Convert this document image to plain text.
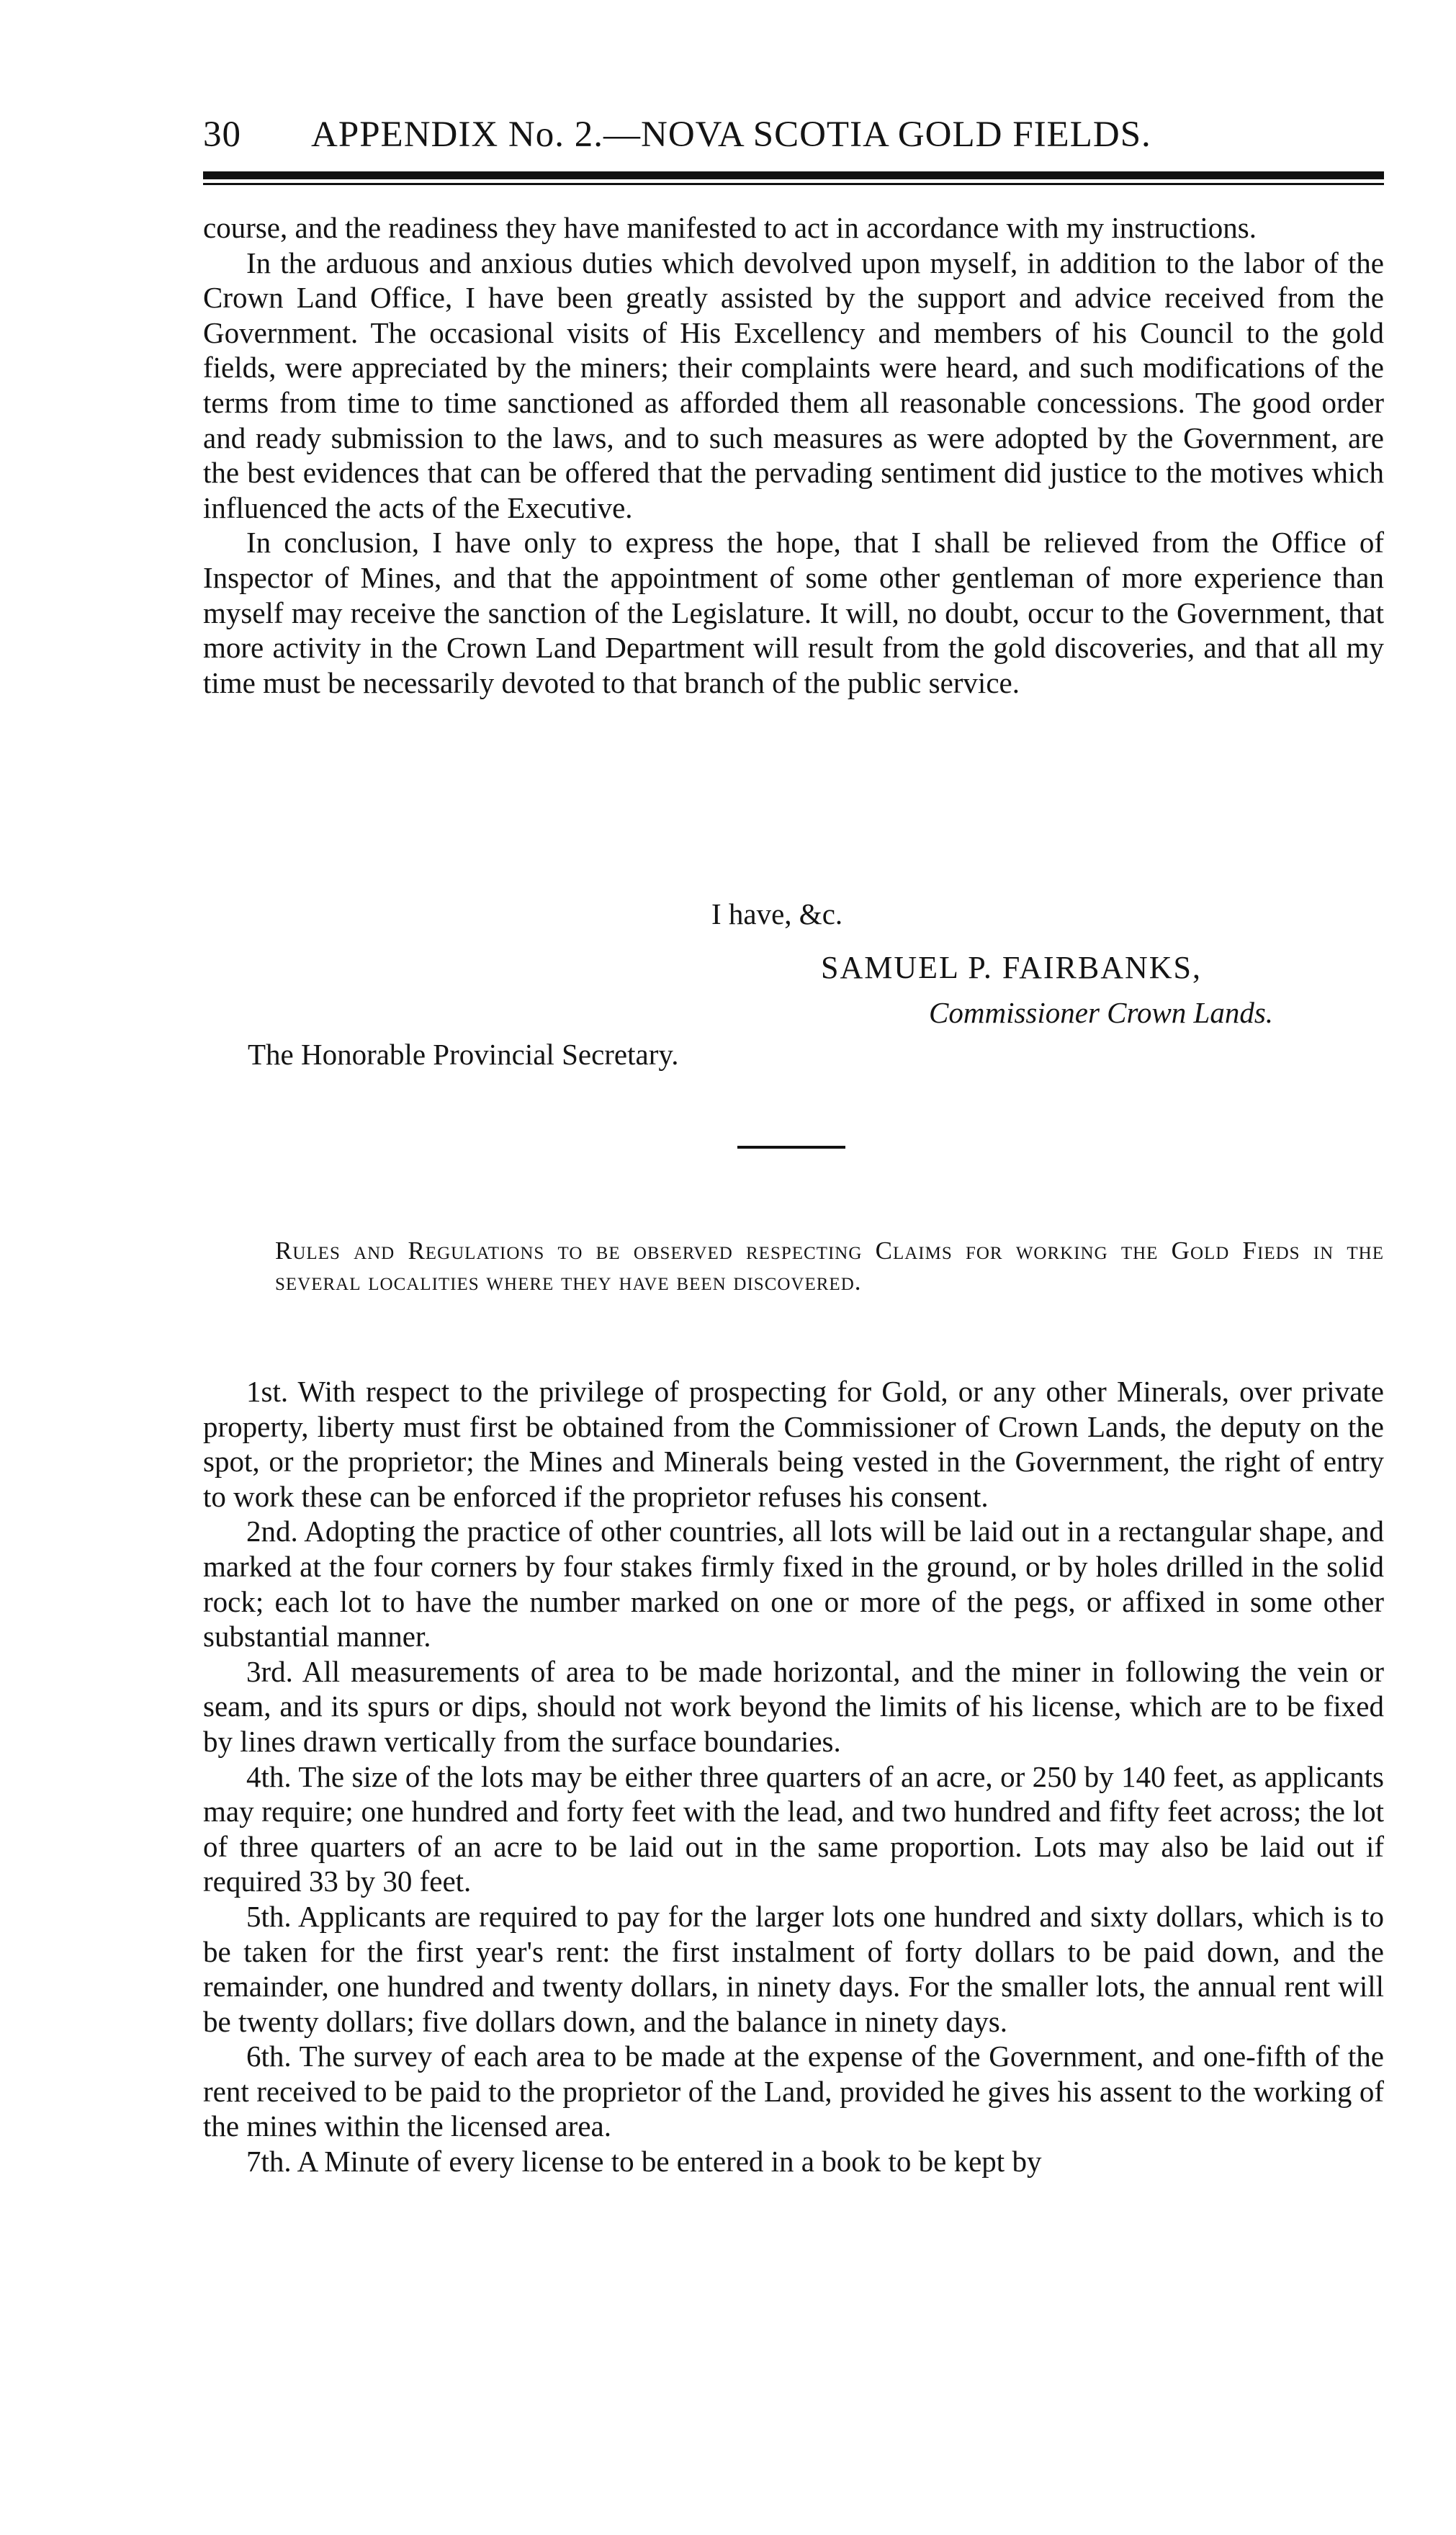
30 APPENDIX No. 2.—NOVA SCOTIA GOLD FIELDS.

course, and the readiness they have manifested to act in accordance with my instructions.

In the arduous and anxious duties which devolved upon myself, in addition to the labor of the Crown Land Office, I have been greatly assisted by the support and advice received from the Government. The occasional visits of His Excellency and members of his Council to the gold fields, were appreciated by the miners; their complaints were heard, and such modifications of the terms from time to time sanctioned as afforded them all reasonable concessions. The good order and ready submission to the laws, and to such measures as were adopted by the Government, are the best evidences that can be offered that the pervading sentiment did justice to the motives which influenced the acts of the Executive.

In conclusion, I have only to express the hope, that I shall be relieved from the Office of Inspector of Mines, and that the appointment of some other gentleman of more experience than myself may receive the sanction of the Legislature. It will, no doubt, occur to the Government, that more activity in the Crown Land Department will result from the gold discoveries, and that all my time must be necessarily devoted to that branch of the public service.

I have, &c.
SAMUEL P. FAIRBANKS,
Commissioner Crown Lands.
The Honorable Provincial Secretary.
Rules and Regulations to be observed respecting Claims for working the Gold Fieds in the several localities where they have been discovered.

1st. With respect to the privilege of prospecting for Gold, or any other Minerals, over private property, liberty must first be obtained from the Commissioner of Crown Lands, the deputy on the spot, or the proprietor; the Mines and Minerals being vested in the Government, the right of entry to work these can be enforced if the proprietor refuses his consent.

2nd. Adopting the practice of other countries, all lots will be laid out in a rectangular shape, and marked at the four corners by four stakes firmly fixed in the ground, or by holes drilled in the solid rock; each lot to have the number marked on one or more of the pegs, or affixed in some other substantial manner.

3rd. All measurements of area to be made horizontal, and the miner in following the vein or seam, and its spurs or dips, should not work beyond the limits of his license, which are to be fixed by lines drawn vertically from the surface boundaries.

4th. The size of the lots may be either three quarters of an acre, or 250 by 140 feet, as applicants may require; one hundred and forty feet with the lead, and two hundred and fifty feet across; the lot of three quarters of an acre to be laid out in the same proportion. Lots may also be laid out if required 33 by 30 feet.

5th. Applicants are required to pay for the larger lots one hundred and sixty dollars, which is to be taken for the first year's rent: the first instalment of forty dollars to be paid down, and the remainder, one hundred and twenty dollars, in ninety days. For the smaller lots, the annual rent will be twenty dollars; five dollars down, and the balance in ninety days.

6th. The survey of each area to be made at the expense of the Government, and one-fifth of the rent received to be paid to the proprietor of the Land, provided he gives his assent to the working of the mines within the licensed area.

7th. A Minute of every license to be entered in a book to be kept by
